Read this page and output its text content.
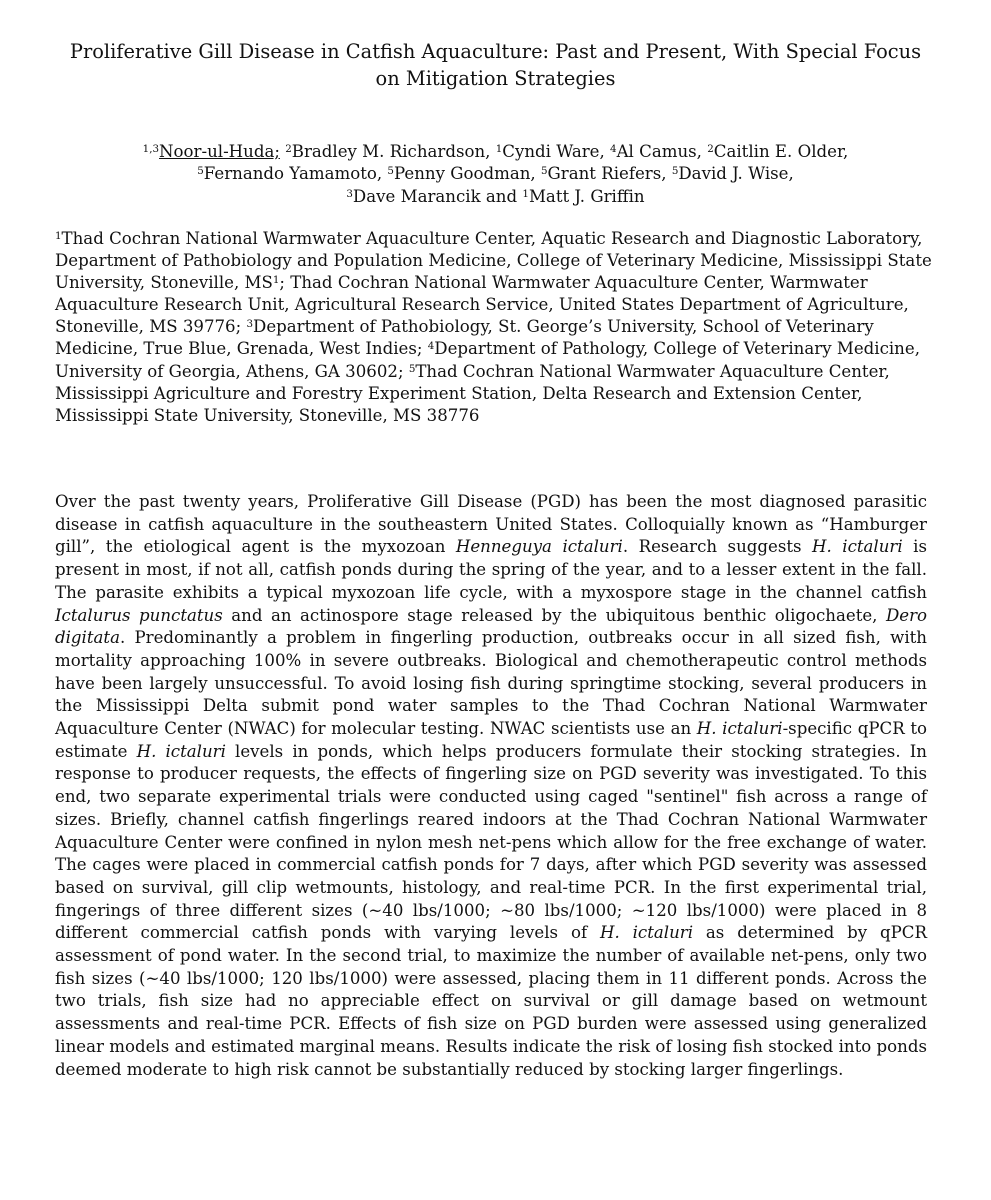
Proliferative Gill Disease in Catfish Aquaculture: Past and Present, With Special Focus on Mitigation Strategies
$^{1,3}$Noor-ul-Huda; $^2$Bradley M. Richardson, $^1$Cyndi Ware, $^4$Al Camus, $^2$Caitlin E. Older,
$^5$Fernando Yamamoto, $^5$Penny Goodman, $^5$Grant Riefers, $^5$David J. Wise,
$^3$Dave Marancik and $^1$Matt J. Griffin
$^1$Thad Cochran National Warmwater Aquaculture Center, Aquatic Research and Diagnostic Laboratory, Department of Pathobiology and Population Medicine, College of Veterinary Medicine, Mississippi State University, Stoneville, $MS^1$; Thad Cochran National Warmwater Aquaculture Center, Warmwater Aquaculture Research Unit, Agricultural Research Service, United States Department of Agriculture, Stoneville, MS 39776; $^3$Department of Pathobiology, St. George’s University, School of Veterinary Medicine, True Blue, Grenada, West Indies; $^4$Department of Pathology, College of Veterinary Medicine, University of Georgia, Athens, GA 30602; $^5$Thad Cochran National Warmwater Aquaculture Center, Mississippi Agriculture and Forestry Experiment Station, Delta Research and Extension Center, Mississippi State University, Stoneville, MS 38776
Over the past twenty years, Proliferative Gill Disease (PGD) has been the most diagnosed parasitic disease in catfish aquaculture in the southeastern United States. Colloquially known as “Hamburger gill”, the etiological agent is the myxozoan Henneguya ictaluri. Research suggests H. ictaluri is present in most, if not all, catfish ponds during the spring of the year, and to a lesser extent in the fall. The parasite exhibits a typical myxozoan life cycle, with a myxospore stage in the channel catfish Ictalurus punctatus and an actinospore stage released by the ubiquitous benthic oligochaete, Dero digitata. Predominantly a problem in fingerling production, outbreaks occur in all sized fish, with mortality approaching 100% in severe outbreaks. Biological and chemotherapeutic control methods have been largely unsuccessful. To avoid losing fish during springtime stocking, several producers in the Mississippi Delta submit pond water samples to the Thad Cochran National Warmwater Aquaculture Center (NWAC) for molecular testing. NWAC scientists use an H. ictaluri-specific qPCR to estimate H. ictaluri levels in ponds, which helps producers formulate their stocking strategies. In response to producer requests, the effects of fingerling size on PGD severity was investigated. To this end, two separate experimental trials were conducted using caged "sentinel" fish across a range of sizes. Briefly, channel catfish fingerlings reared indoors at the Thad Cochran National Warmwater Aquaculture Center were confined in nylon mesh net-pens which allow for the free exchange of water. The cages were placed in commercial catfish ponds for 7 days, after which PGD severity was assessed based on survival, gill clip wetmounts, histology, and real-time PCR. In the first experimental trial, fingerings of three different sizes (~40 lbs/1000; ~80 lbs/1000; ~120 lbs/1000) were placed in 8 different commercial catfish ponds with varying levels of H. ictaluri as determined by qPCR assessment of pond water. In the second trial, to maximize the number of available net-pens, only two fish sizes (~40 lbs/1000; 120 lbs/1000) were assessed, placing them in 11 different ponds. Across the two trials, fish size had no appreciable effect on survival or gill damage based on wetmount assessments and real-time PCR. Effects of fish size on PGD burden were assessed using generalized linear models and estimated marginal means. Results indicate the risk of losing fish stocked into ponds deemed moderate to high risk cannot be substantially reduced by stocking larger fingerlings.
